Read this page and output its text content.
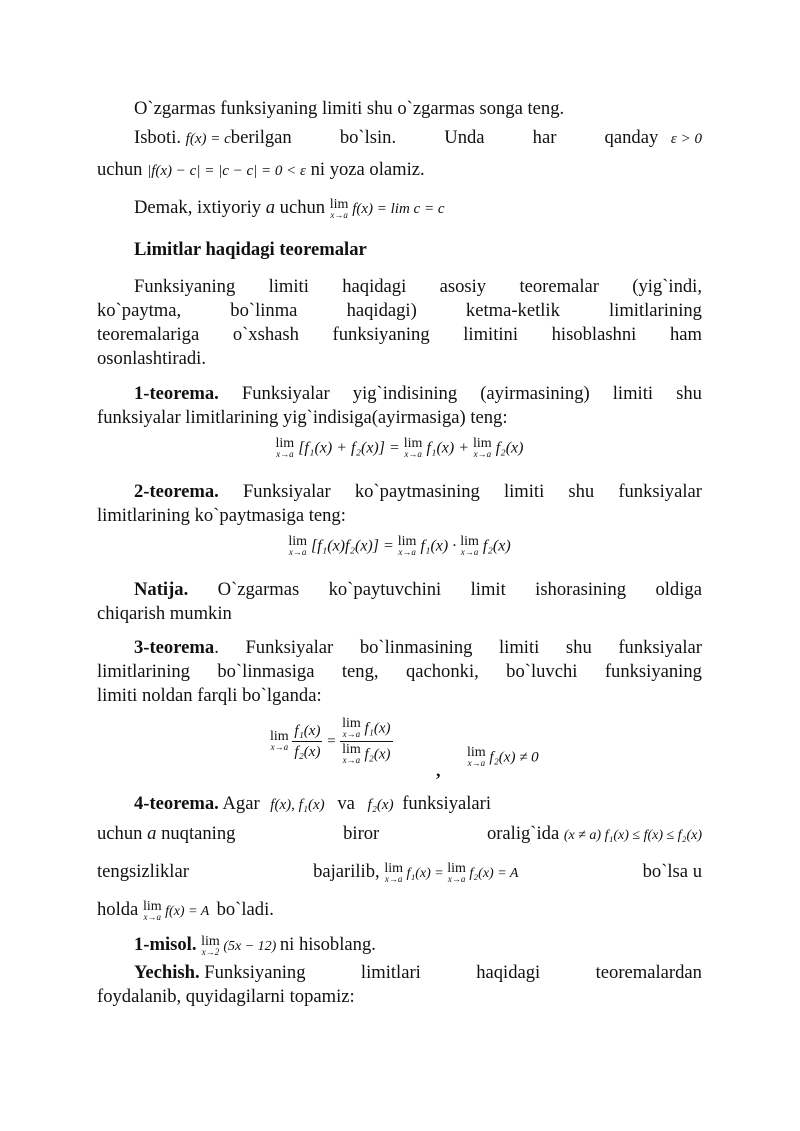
O`zgarmas funksiyaning limiti shu o`zgarmas songa teng.
Isboti. f(x) = cberilgan	bo`lsin.	Unda	har	qanday ε > 0
uchun |f(x) − c| = |c − c| = 0 < ε ni yoza olamiz.
Demak, ixtiyoriy a uchun lim
x→a f(x) = lim c = c
Limitlar haqidagi teoremalar
Funksiyaning limiti haqidagi asosiy teoremalar (yig`indi,
ko`paytma,	bo`linma	haqidagi)	ketma-ketlik	limitlarining
teoremalariga o`xshash funksiyaning limitini hisoblashni ham
osonlashtiradi.
1-teorema. Funksiyalar yig`indisining (ayirmasining) limiti shu
funksiyalar limitlarining yig`indisiga(ayirmasiga) teng:
lim
x→a [f₁(x) + f₂(x)] = lim
x→a f₁(x) + lim
x→a f₂(x)
2-teorema. Funksiyalar ko`paytmasining limiti shu funksiyalar
limitlarining ko`paytmasiga teng:
lim
x→a [f₁(x)f₂(x)] = lim
x→a f₁(x) · lim
x→a f₂(x)
Natija. O`zgarmas ko`paytuvchini limit ishorasining oldiga
chiqarish mumkin
3-teorema. Funksiyalar bo`linmasining limiti shu funksiyalar
limitlarining bo`linmasiga teng, qachonki, bo`luvchi funksiyaning
limiti noldan farqli bo`lganda:
lim
x→a
$\frac{\text{f₁(x)}}{\text{f₂(x)}} = \lim$
x→a f₁(x)
lim
x→a f₂(x)
,
lim
x→a f₂(x) ≠ 0
4-teorema. Agar f(x), f₁(x) va f₂(x) funksiyalari
uchun a nuqtaning	biror	oralig`ida (x ≠ a) f₁(x) ≤ f(x) ≤ f₂(x)
tengsizliklar	bajarilib, lim
x→a f₁(x) = lim
x→a f₂(x) = A	bo`lsa u
holda lim
x→a f(x) = A bo`ladi.
1-misol. lim
x→2 (5x − 12) ni hisoblang.
Yechish. Funksiyaning	limitlari	haqidagi	teoremalardan
foydalanib, quyidagilarni topamiz:
